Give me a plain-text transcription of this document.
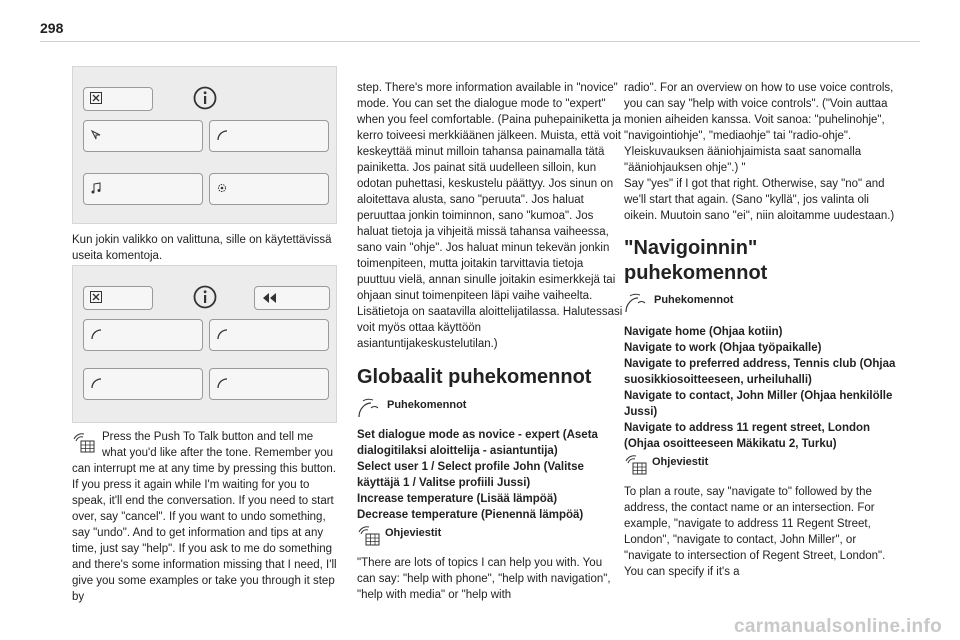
298
Kun jokin valikko on valittuna, sille on käytettävissä useita komentoja.

Press the Push To Talk button and tell me what you'd like after the tone. Remember you can interrupt me at any time by pressing this button. If you press it again while I'm waiting for you to speak, it'll end the conversation. If you need to start over, say "cancel". If you want to undo something, say "undo". And to get information and tips at any time, just say "help". If you ask to me do something and there's some information missing that I need, I'll give you some examples or take you through it step by

step. There's more information available in "novice" mode. You can set the dialogue mode to "expert" when you feel comfortable. (Paina puhepainiketta ja kerro toiveesi merkkiäänen jälkeen. Muista, että voit keskeyttää minut milloin tahansa painamalla tätä painiketta. Jos painat sitä uudelleen silloin, kun odotan puhettasi, keskustelu päättyy. Jos sinun on aloitettava alusta, sano "peruuta". Jos haluat peruuttaa jonkin toiminnon, sano "kumoa". Jos haluat tietoja ja vihjeitä missä tahansa vaiheessa, sano vain "ohje". Jos haluat minun tekevän jonkin toimenpiteen, mutta joitakin tarvittavia tietoja puuttuu vielä, annan sinulle joitakin esimerkkejä tai ohjaan sinut toimenpiteen läpi vaihe vaiheelta. Lisätietoja on saatavilla aloittelijatilassa. Halutessasi voit myös ottaa käyttöön asiantuntijakeskustelutilan.)

Globaalit puhekomennot
Puhekomennot

Set dialogue mode as novice - expert (Aseta dialogitilaksi aloittelija - asiantuntija)
Select user 1 / Select profile John (Valitse käyttäjä 1 / Valitse profiili Jussi)
Increase temperature (Lisää lämpöä)
Decrease temperature (Pienennä lämpöä)

Ohjeviestit

"There are lots of topics I can help you with. You can say: "help with phone", "help with navigation", "help with media" or "help with

radio". For an overview on how to use voice controls, you can say "help with voice controls". ("Voin auttaa monien aiheiden kanssa. Voit sanoa: "puhelinohje", "navigointiohje", "mediaohje" tai "radio-ohje". Yleiskuvauksen ääniohjaimista saat sanomalla "ääniohjauksen ohje".) "
Say "yes" if I got that right. Otherwise, say "no" and we'll start that again. (Sano "kyllä", jos valinta oli oikein. Muutoin sano "ei", niin aloitamme uudestaan.)

"Navigoinnin" puhekomennot
Puhekomennot

Navigate home (Ohjaa kotiin)
Navigate to work (Ohjaa työpaikalle)
Navigate to preferred address, Tennis club (Ohjaa suosikkiosoitteeseen, urheiluhalli)
Navigate to contact, John Miller (Ohjaa henkilölle Jussi)
Navigate to address 11 regent street, London (Ohjaa osoitteeseen Mäkikatu 2, Turku)

Ohjeviestit

To plan a route, say "navigate to" followed by the address, the contact name or an intersection. For example, "navigate to address 11 Regent Street, London", "navigate to contact, John Miller", or "navigate to intersection of Regent Street, London". You can specify if it's a

carmanualsonline.info
